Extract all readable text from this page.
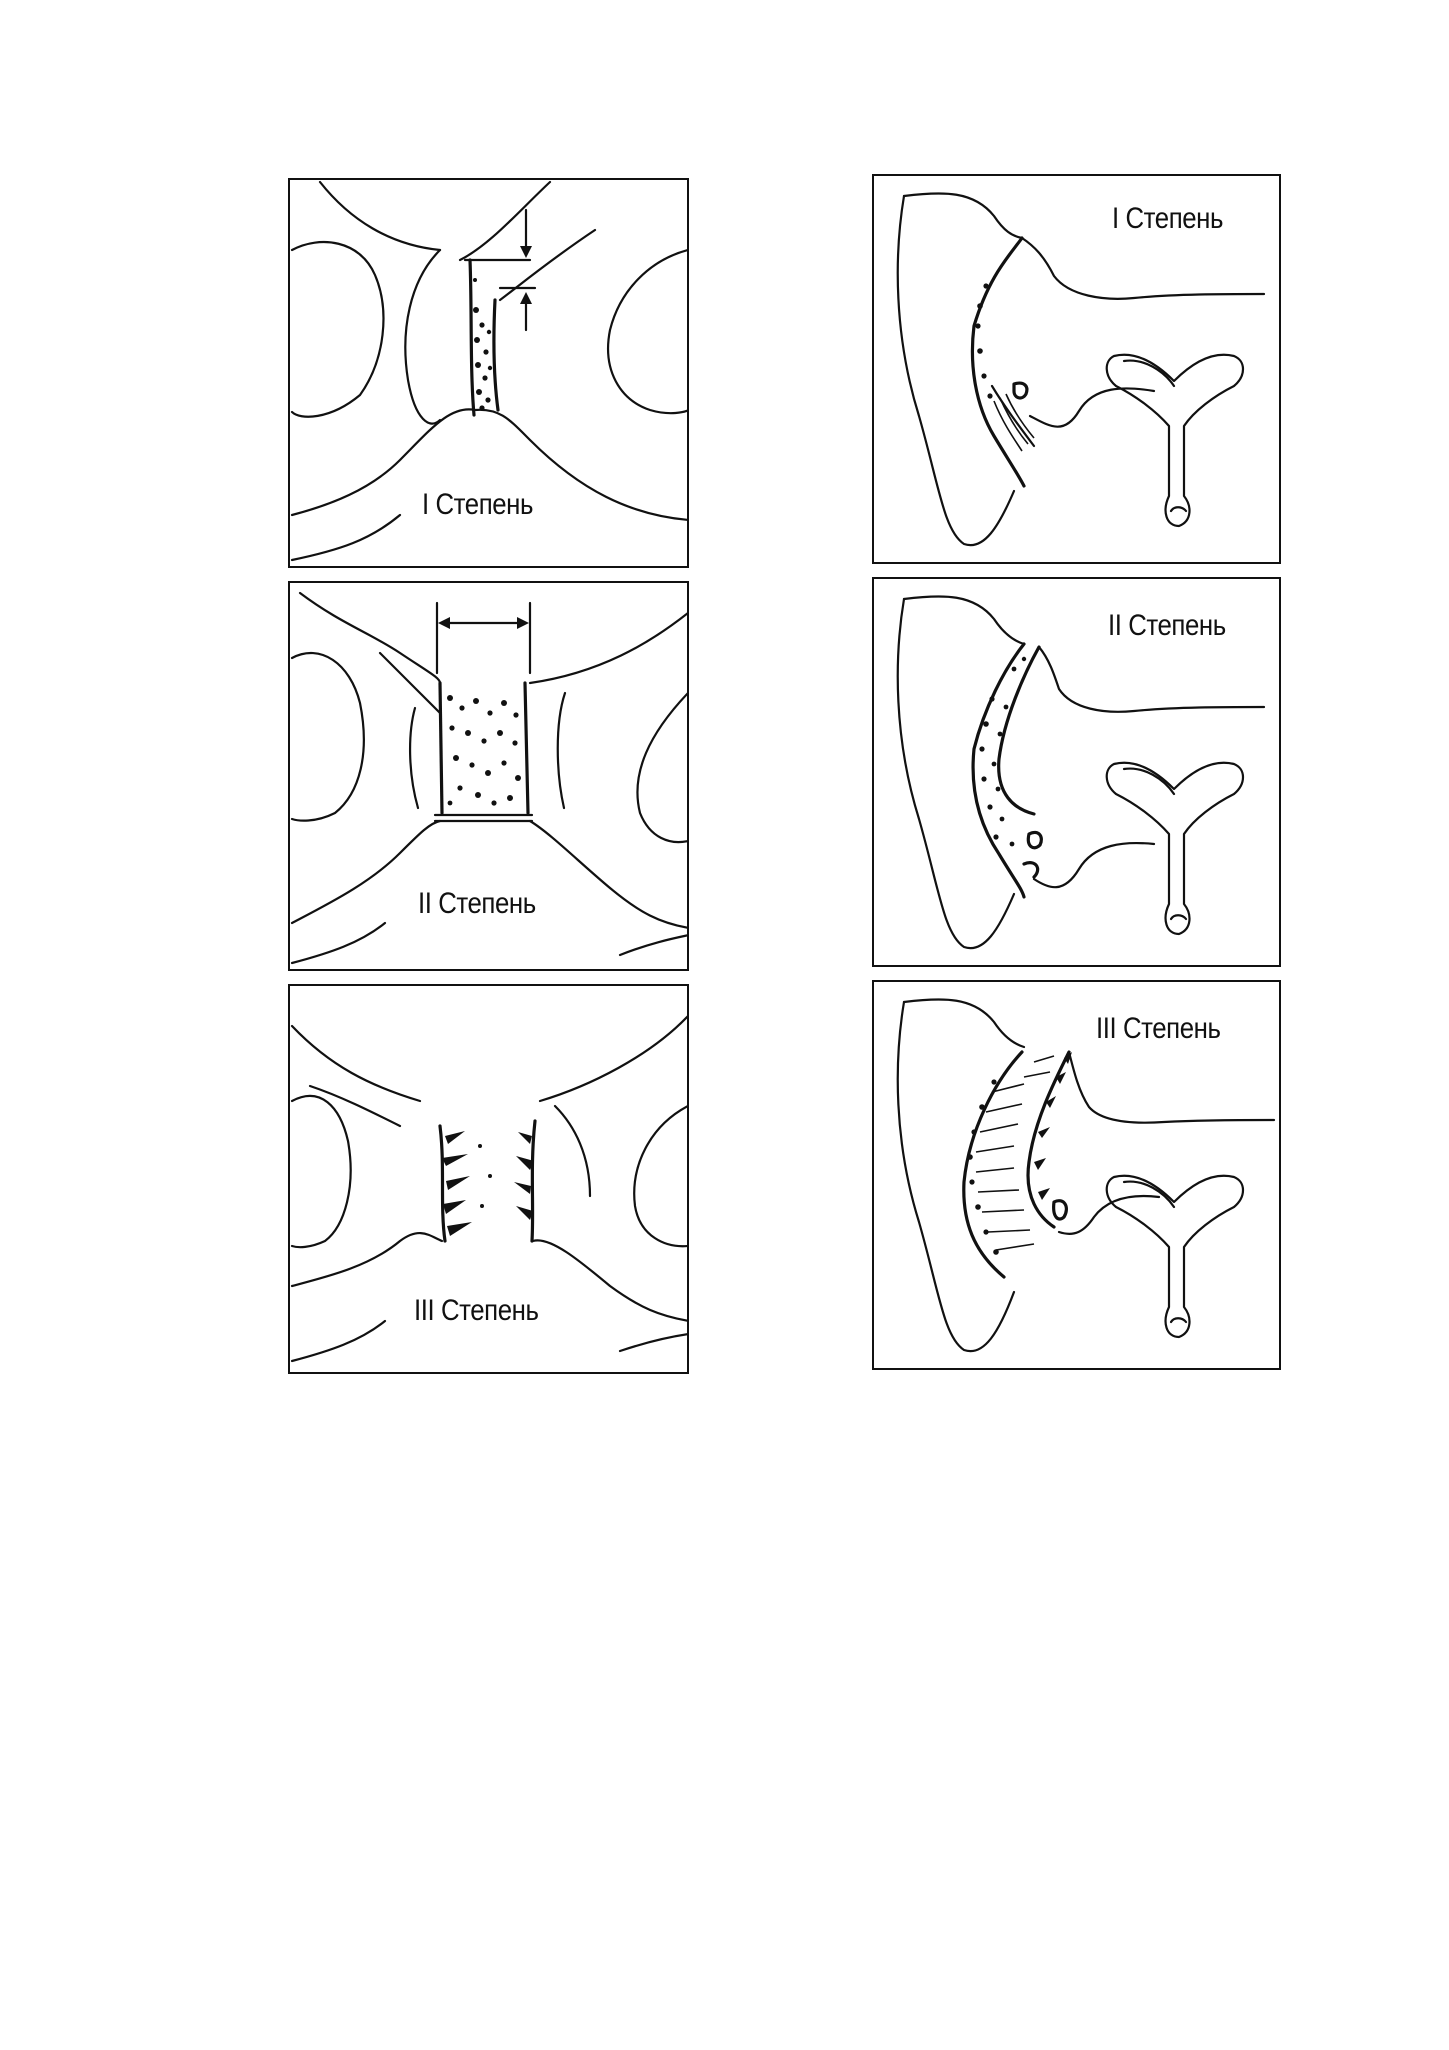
I Степень
II Степень
III Степень
I Степень
II Степень
III Степень
